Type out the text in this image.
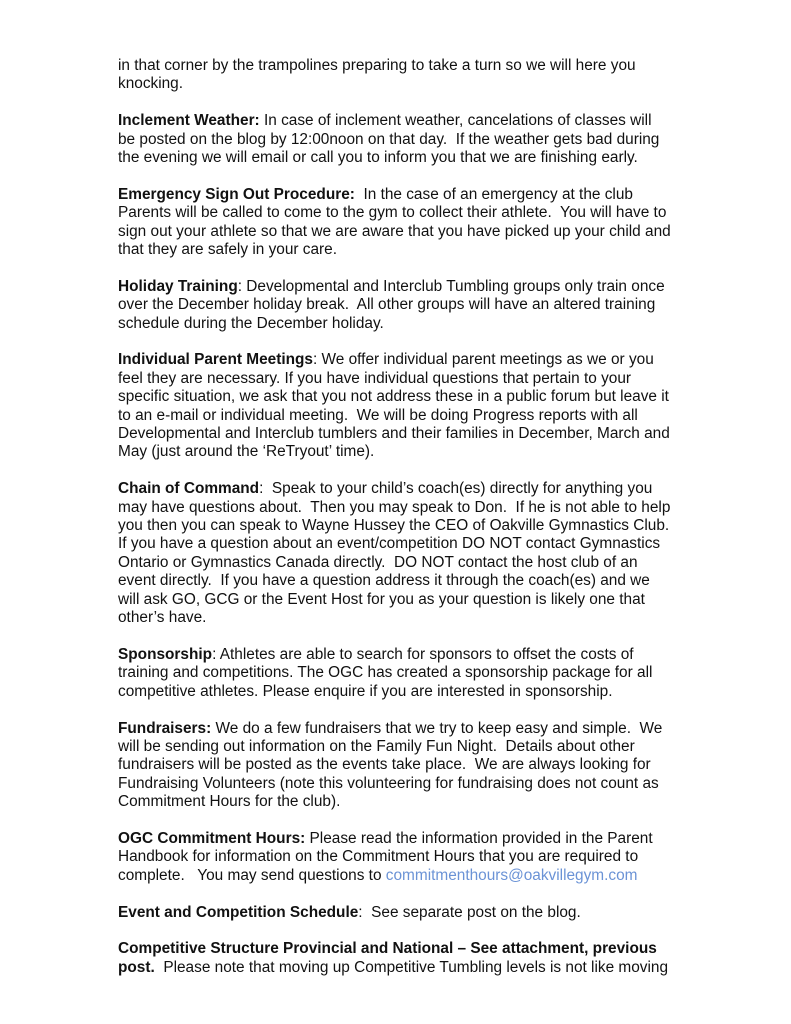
in that corner by the trampolines preparing to take a turn so we will here you
knocking.

Inclement Weather: In case of inclement weather, cancelations of classes will
be posted on the blog by 12:00noon on that day.  If the weather gets bad during
the evening we will email or call you to inform you that we are finishing early.

Emergency Sign Out Procedure:  In the case of an emergency at the club
Parents will be called to come to the gym to collect their athlete.  You will have to
sign out your athlete so that we are aware that you have picked up your child and
that they are safely in your care.

Holiday Training: Developmental and Interclub Tumbling groups only train once
over the December holiday break.  All other groups will have an altered training
schedule during the December holiday.

Individual Parent Meetings: We offer individual parent meetings as we or you
feel they are necessary. If you have individual questions that pertain to your
specific situation, we ask that you not address these in a public forum but leave it
to an e-mail or individual meeting.  We will be doing Progress reports with all
Developmental and Interclub tumblers and their families in December, March and
May (just around the ‘ReTryout’ time).

Chain of Command:  Speak to your child’s coach(es) directly for anything you
may have questions about.  Then you may speak to Don.  If he is not able to help
you then you can speak to Wayne Hussey the CEO of Oakville Gymnastics Club.
If you have a question about an event/competition DO NOT contact Gymnastics
Ontario or Gymnastics Canada directly.  DO NOT contact the host club of an
event directly.  If you have a question address it through the coach(es) and we
will ask GO, GCG or the Event Host for you as your question is likely one that
other’s have.

Sponsorship: Athletes are able to search for sponsors to offset the costs of
training and competitions. The OGC has created a sponsorship package for all
competitive athletes. Please enquire if you are interested in sponsorship.

Fundraisers: We do a few fundraisers that we try to keep easy and simple.  We
will be sending out information on the Family Fun Night.  Details about other
fundraisers will be posted as the events take place.  We are always looking for
Fundraising Volunteers (note this volunteering for fundraising does not count as
Commitment Hours for the club).

OGC Commitment Hours: Please read the information provided in the Parent
Handbook for information on the Commitment Hours that you are required to
complete.   You may send questions to commitmenthours@oakvillegym.com

Event and Competition Schedule:  See separate post on the blog.

Competitive Structure Provincial and National – See attachment, previous
post.  Please note that moving up Competitive Tumbling levels is not like moving
